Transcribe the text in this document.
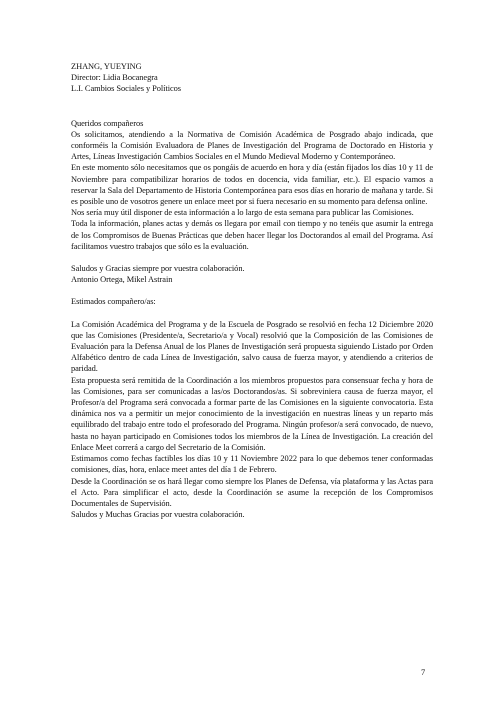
ZHANG, YUEYING

Director: Lidia Bocanegra

L.I. Cambios Sociales y Políticos

Queridos compañeros

Os solicitamos, atendiendo a la Normativa de Comisión Académica de Posgrado abajo indicada, que conforméis la Comisión Evaluadora de Planes de Investigación del Programa de Doctorado en Historia y Artes, Líneas Investigación Cambios Sociales en el Mundo Medieval Moderno y Contemporáneo.

En este momento sólo necesitamos que os pongáis de acuerdo en hora y día (están fijados los días 10 y 11 de Noviembre para compatibilizar horarios de todos en docencia, vida familiar, etc.). El espacio vamos a reservar la Sala del Departamento de Historia Contemporánea para esos días en horario de mañana y tarde. Si es posible uno de vosotros genere un enlace meet por si fuera necesario en su momento para defensa online.

Nos sería muy útil disponer de esta información a lo largo de esta semana para publicar las Comisiones.

Toda la información, planes actas y demás os llegara por email con tiempo y no tenéis que asumir la entrega de los Compromisos de Buenas Prácticas que deben hacer llegar los Doctorandos al email del Programa. Así facilitamos vuestro trabajos que sólo es la evaluación.

Saludos y Gracias siempre por vuestra colaboración.

Antonio Ortega, Mikel Astrain

Estimados compañero/as:

La Comisión Académica del Programa y de la Escuela de Posgrado se resolvió en fecha 12 Diciembre 2020 que las Comisiones (Presidente/a, Secretario/a y Vocal) resolvió que la Composición de las Comisiones de Evaluación para la Defensa Anual de los Planes de Investigación será propuesta siguiendo Listado por Orden Alfabético dentro de cada Línea de Investigación, salvo causa de fuerza mayor, y atendiendo a criterios de paridad.

Esta propuesta será remitida de la Coordinación a los miembros propuestos para consensuar fecha y hora de las Comisiones, para ser comunicadas a las/os Doctorandos/as. Si sobreviniera causa de fuerza mayor, el Profesor/a del Programa será convocada a formar parte de las Comisiones en la siguiente convocatoria. Esta dinámica nos va a permitir un mejor conocimiento de la investigación en nuestras líneas y un reparto más equilibrado del trabajo entre todo el profesorado del Programa. Ningún profesor/a será convocado, de nuevo, hasta no hayan participado en Comisiones todos los miembros de la Línea de Investigación. La creación del Enlace Meet correrá a cargo del Secretario de la Comisión.

Estimamos como fechas factibles los días 10 y 11 Noviembre 2022 para lo que debemos tener conformadas comisiones, días, hora, enlace meet antes del día 1 de Febrero.

Desde la Coordinación se os hará llegar como siempre los Planes de Defensa, vía plataforma y las Actas para el Acto. Para simplificar el acto, desde la Coordinación se asume la recepción de los Compromisos Documentales de Supervisión.

Saludos y Muchas Gracias por vuestra colaboración.

7
